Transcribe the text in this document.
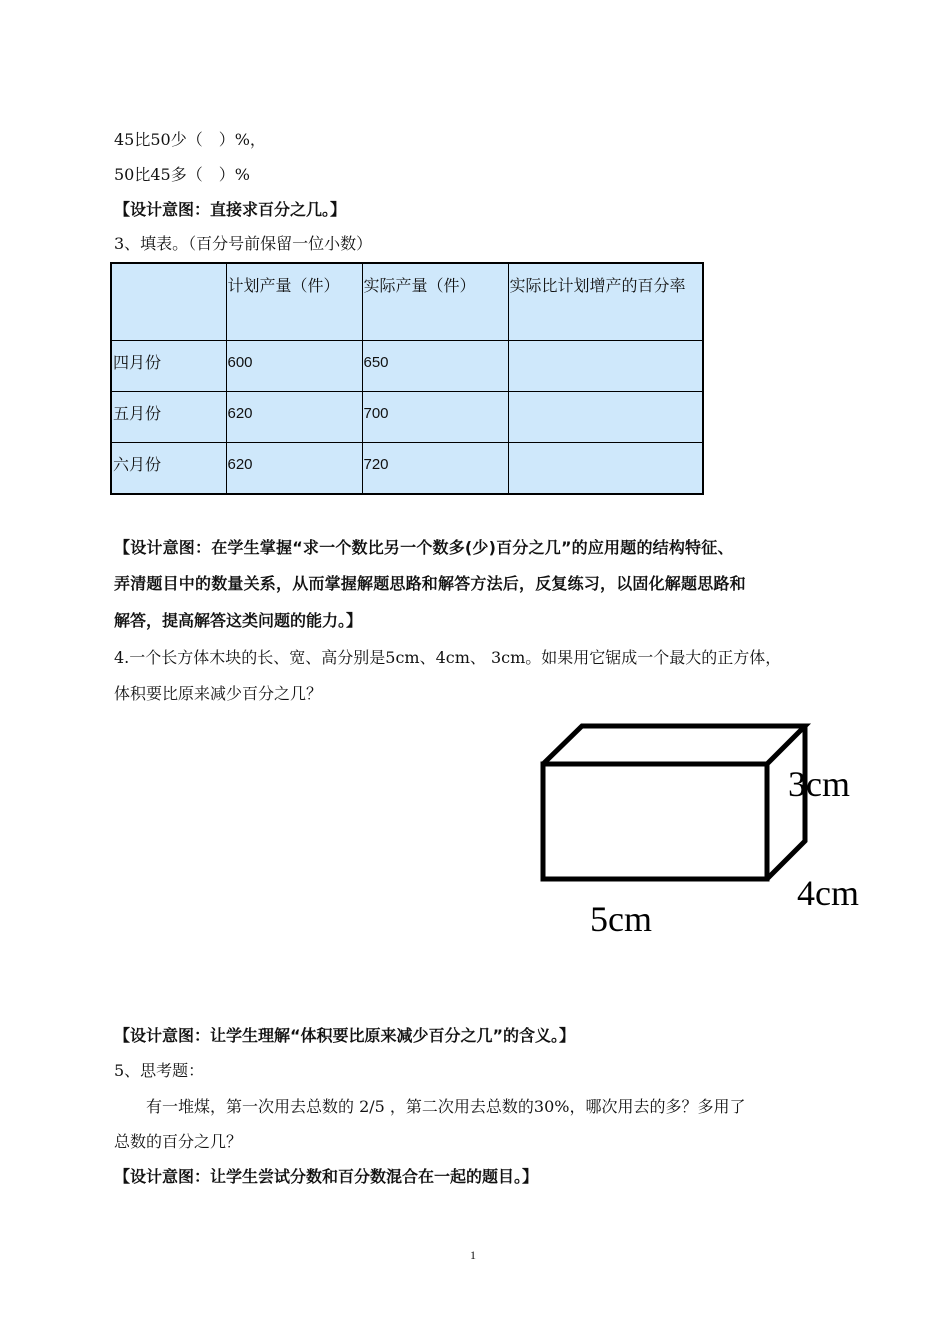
45比50少（　）%，
50比45多（　）%
【设计意图：直接求百分之几。】
3、填表。（百分号前保留一位小数）
	计划产量（件）	实际产量（件）	实际比计划增产的百分率
四月份	600	650	
五月份	620	700	
六月份	620	720	
【设计意图：在学生掌握“求一个数比另一个数多(少)百分之几”的应用题的结构特征、
弄清题目中的数量关系，从而掌握解题思路和解答方法后，反复练习，以固化解题思路和
解答，提高解答这类问题的能力。】
4.一个长方体木块的长、宽、高分别是5cm、4cm、 3cm。如果用它锯成一个最大的正方体，
体积要比原来减少百分之几？
3cm
4cm
5cm
【设计意图：让学生理解“体积要比原来减少百分之几”的含义。】
5、思考题：
　　有一堆煤，第一次用去总数的 2/5 ，第二次用去总数的30%，哪次用去的多？多用了
总数的百分之几？
【设计意图：让学生尝试分数和百分数混合在一起的题目。】
1
